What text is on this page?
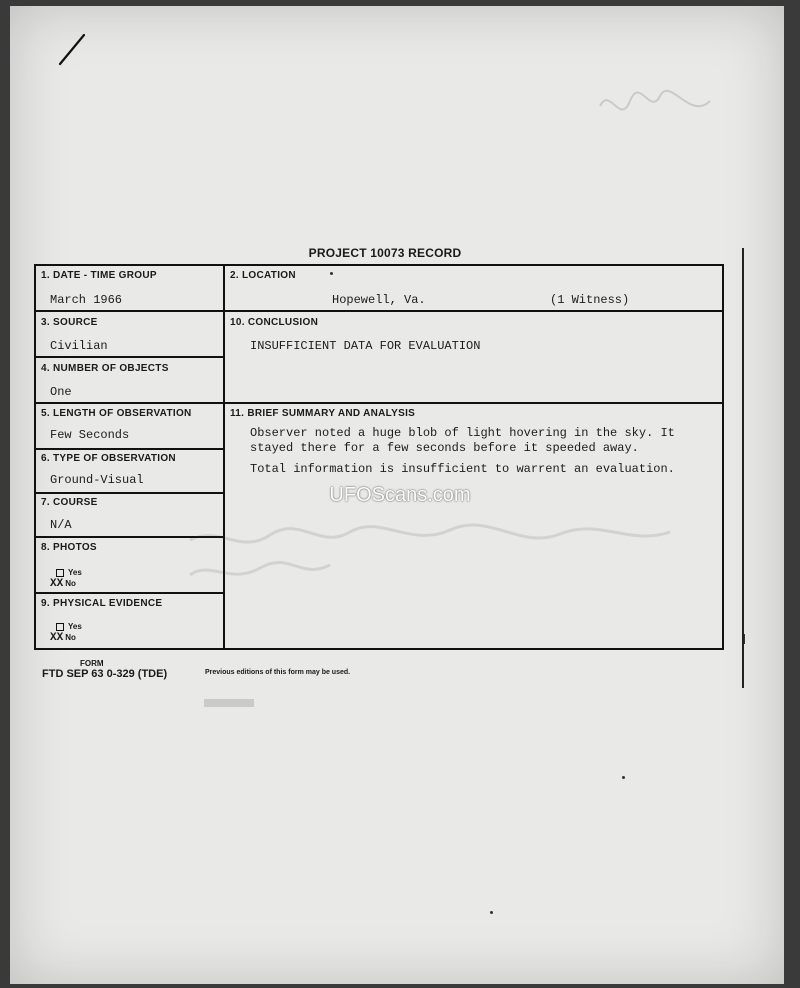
PROJECT 10073 RECORD
1. DATE - TIME GROUP
March 1966
2. LOCATION
Hopewell, Va.	(1 Witness)
3. SOURCE
Civilian
10. CONCLUSION
INSUFFICIENT DATA FOR EVALUATION
4. NUMBER OF OBJECTS
One
5. LENGTH OF OBSERVATION
Few Seconds
11. BRIEF SUMMARY AND ANALYSIS
6. TYPE OF OBSERVATION
Ground-Visual
7. COURSE
N/A
8. PHOTOS
Yes
XX No
9. PHYSICAL EVIDENCE
Yes
XX No

Observer noted a huge blob of light hovering in the sky. It stayed there for a few seconds before it speeded away.

Total information is insufficient to warrent an evaluation.

UFOScans.com
FORM
FTD SEP 63 0-329 (TDE)	Previous editions of this form may be used.
